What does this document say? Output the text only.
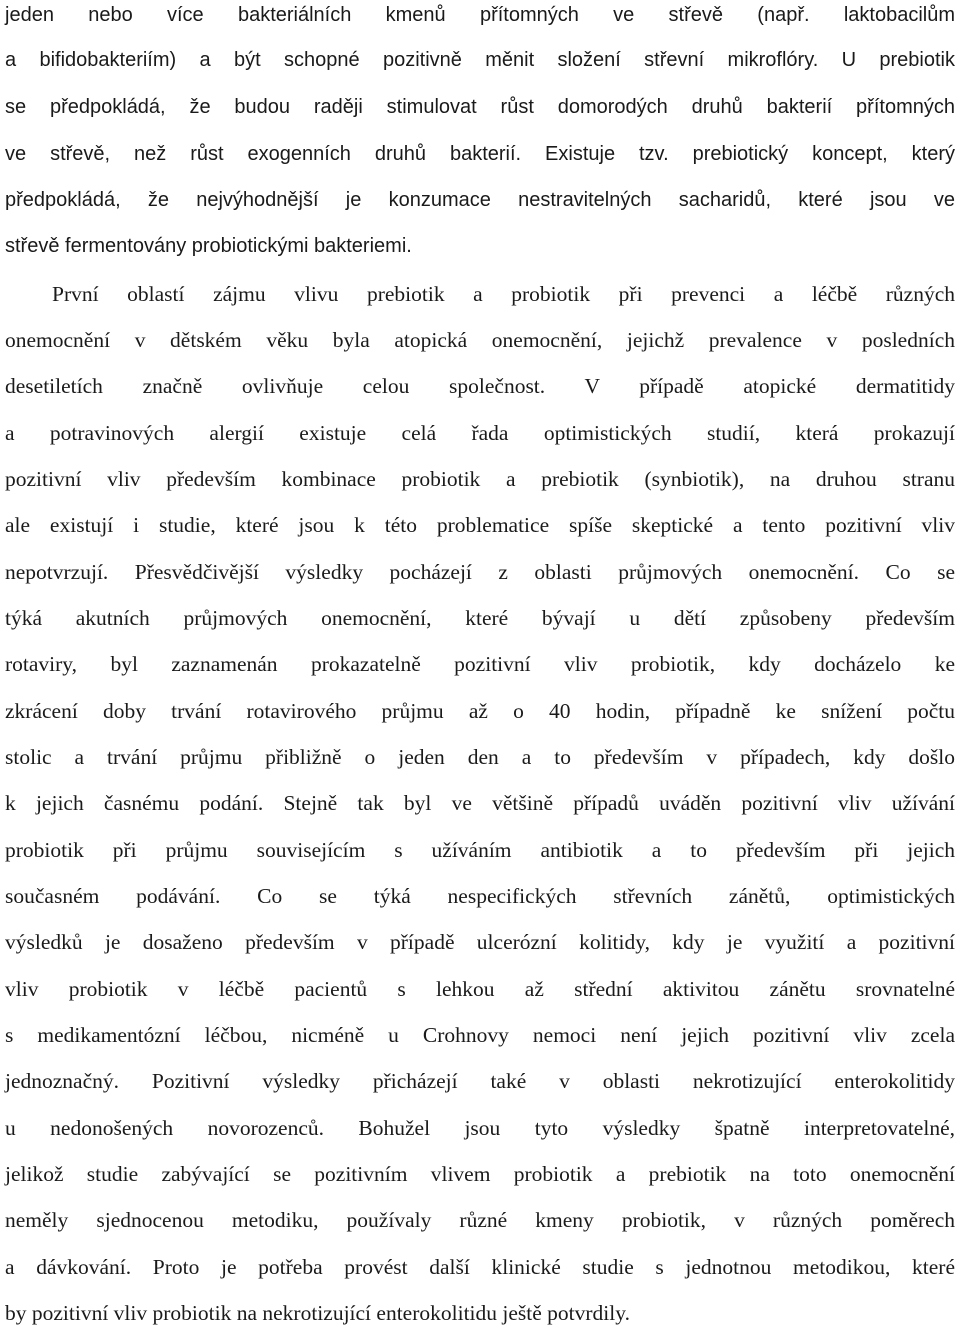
jeden nebo více bakteriálních kmenů přítomných ve střevě (např. laktobacilům
a bifidobakteriím) a být schopné pozitivně měnit složení střevní mikroflóry. U prebiotik
se předpokládá, že budou raději stimulovat růst domorodých druhů bakterií přítomných
ve střevě, než růst exogenních druhů bakterií. Existuje tzv. prebiotický koncept, který
předpokládá, že nejvýhodnější je konzumace nestravitelných sacharidů, které jsou ve
střevě fermentovány probiotickými bakteriemi.
První oblastí zájmu vlivu prebiotik a probiotik při prevenci a léčbě různých
onemocnění v dětském věku byla atopická onemocnění, jejichž prevalence v posledních
desetiletích značně ovlivňuje celou společnost. V případě atopické dermatitidy
a potravinových alergií existuje celá řada optimistických studií, která prokazují
pozitivní vliv především kombinace probiotik a prebiotik (synbiotik), na druhou stranu
ale existují i studie, které jsou k této problematice spíše skeptické a tento pozitivní vliv
nepotvrzují. Přesvědčivější výsledky pocházejí z oblasti průjmových onemocnění. Co se
týká akutních průjmových onemocnění, které bývají u dětí způsobeny především
rotaviry, byl zaznamenán prokazatelně pozitivní vliv probiotik, kdy docházelo ke
zkrácení doby trvání rotavirového průjmu až o 40 hodin, případně ke snížení počtu
stolic a trvání průjmu přibližně o jeden den a to především v případech, kdy došlo
k jejich časnému podání. Stejně tak byl ve většině případů uváděn pozitivní vliv užívání
probiotik při průjmu souvisejícím s užíváním antibiotik a to především při jejich
současném podávání. Co se týká nespecifických střevních zánětů, optimistických
výsledků je dosaženo především v případě ulcerózní kolitidy, kdy je využití a pozitivní
vliv probiotik v léčbě pacientů s lehkou až střední aktivitou zánětu srovnatelné
s medikamentózní léčbou, nicméně u Crohnovy nemoci není jejich pozitivní vliv zcela
jednoznačný. Pozitivní výsledky přicházejí také v oblasti nekrotizující enterokolitidy
u nedonošených novorozenců. Bohužel jsou tyto výsledky špatně interpretovatelné,
jelikož studie zabývající se pozitivním vlivem probiotik a prebiotik na toto onemocnění
neměly sjednocenou metodiku, používaly různé kmeny probiotik, v různých poměrech
a dávkování. Proto je potřeba provést další klinické studie s jednotnou metodikou, které
by pozitivní vliv probiotik na nekrotizující enterokolitidu ještě potvrdily.
